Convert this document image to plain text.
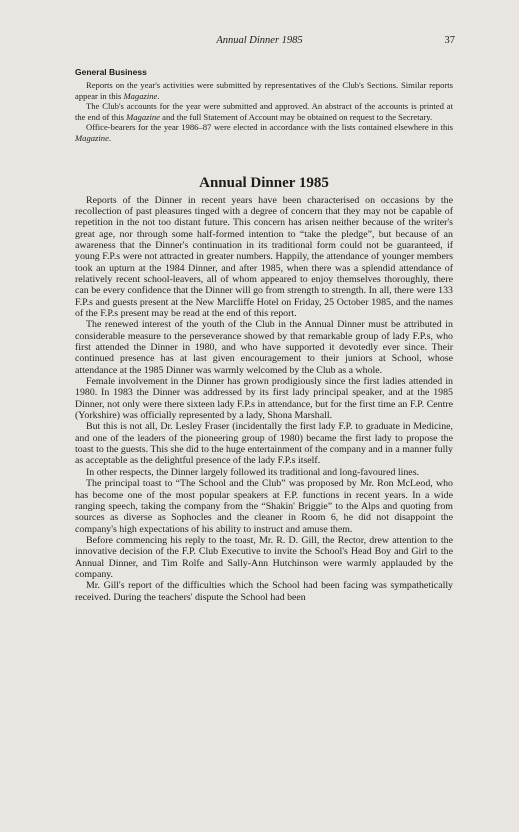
Annual Dinner 1985	37
General Business

Reports on the year's activities were submitted by representatives of the Club's Sections. Similar reports appear in this Magazine.

The Club's accounts for the year were submitted and approved. An abstract of the accounts is printed at the end of this Magazine and the full Statement of Account may be obtained on request to the Secretary.

Office-bearers for the year 1986–87 were elected in accordance with the lists contained elsewhere in this Magazine.

Annual Dinner 1985

Reports of the Dinner in recent years have been characterised on occasions by the recollection of past pleasures tinged with a degree of concern that they may not be capable of repetition in the not too distant future. This concern has arisen neither because of the writer's great age, nor through some half-formed intention to “take the pledge”, but because of an awareness that the Dinner's continuation in its traditional form could not be guaranteed, if young F.P.s were not attracted in greater numbers. Happily, the attendance of younger members took an upturn at the 1984 Dinner, and after 1985, when there was a splendid attendance of relatively recent school-leavers, all of whom appeared to enjoy themselves thoroughly, there can be every confidence that the Dinner will go from strength to strength. In all, there were 133 F.P.s and guests present at the New Marcliffe Hotel on Friday, 25 October 1985, and the names of the F.P.s present may be read at the end of this report.

The renewed interest of the youth of the Club in the Annual Dinner must be attributed in considerable measure to the perseverance showed by that remarkable group of lady F.P.s, who first attended the Dinner in 1980, and who have supported it devotedly ever since. Their continued presence has at last given encouragement to their juniors at School, whose attendance at the 1985 Dinner was warmly welcomed by the Club as a whole.

Female involvement in the Dinner has grown prodigiously since the first ladies attended in 1980. In 1983 the Dinner was addressed by its first lady principal speaker, and at the 1985 Dinner, not only were there sixteen lady F.P.s in attendance, but for the first time an F.P. Centre (Yorkshire) was officially represented by a lady, Shona Marshall.

But this is not all, Dr. Lesley Fraser (incidentally the first lady F.P. to graduate in Medicine, and one of the leaders of the pioneering group of 1980) became the first lady to propose the toast to the guests. This she did to the huge entertainment of the company and in a manner fully as acceptable as the delightful presence of the lady F.P.s itself.

In other respects, the Dinner largely followed its traditional and long-favoured lines.

The principal toast to “The School and the Club” was proposed by Mr. Ron McLeod, who has become one of the most popular speakers at F.P. functions in recent years. In a wide ranging speech, taking the company from the “Shakin' Briggie” to the Alps and quoting from sources as diverse as Sophocles and the cleaner in Room 6, he did not disappoint the company's high expectations of his ability to instruct and amuse them.

Before commencing his reply to the toast, Mr. R. D. Gill, the Rector, drew attention to the innovative decision of the F.P. Club Executive to invite the School's Head Boy and Girl to the Annual Dinner, and Tim Rolfe and Sally-Ann Hutchinson were warmly applauded by the company.

Mr. Gill's report of the difficulties which the School had been facing was sympathetically received. During the teachers' dispute the School had been
